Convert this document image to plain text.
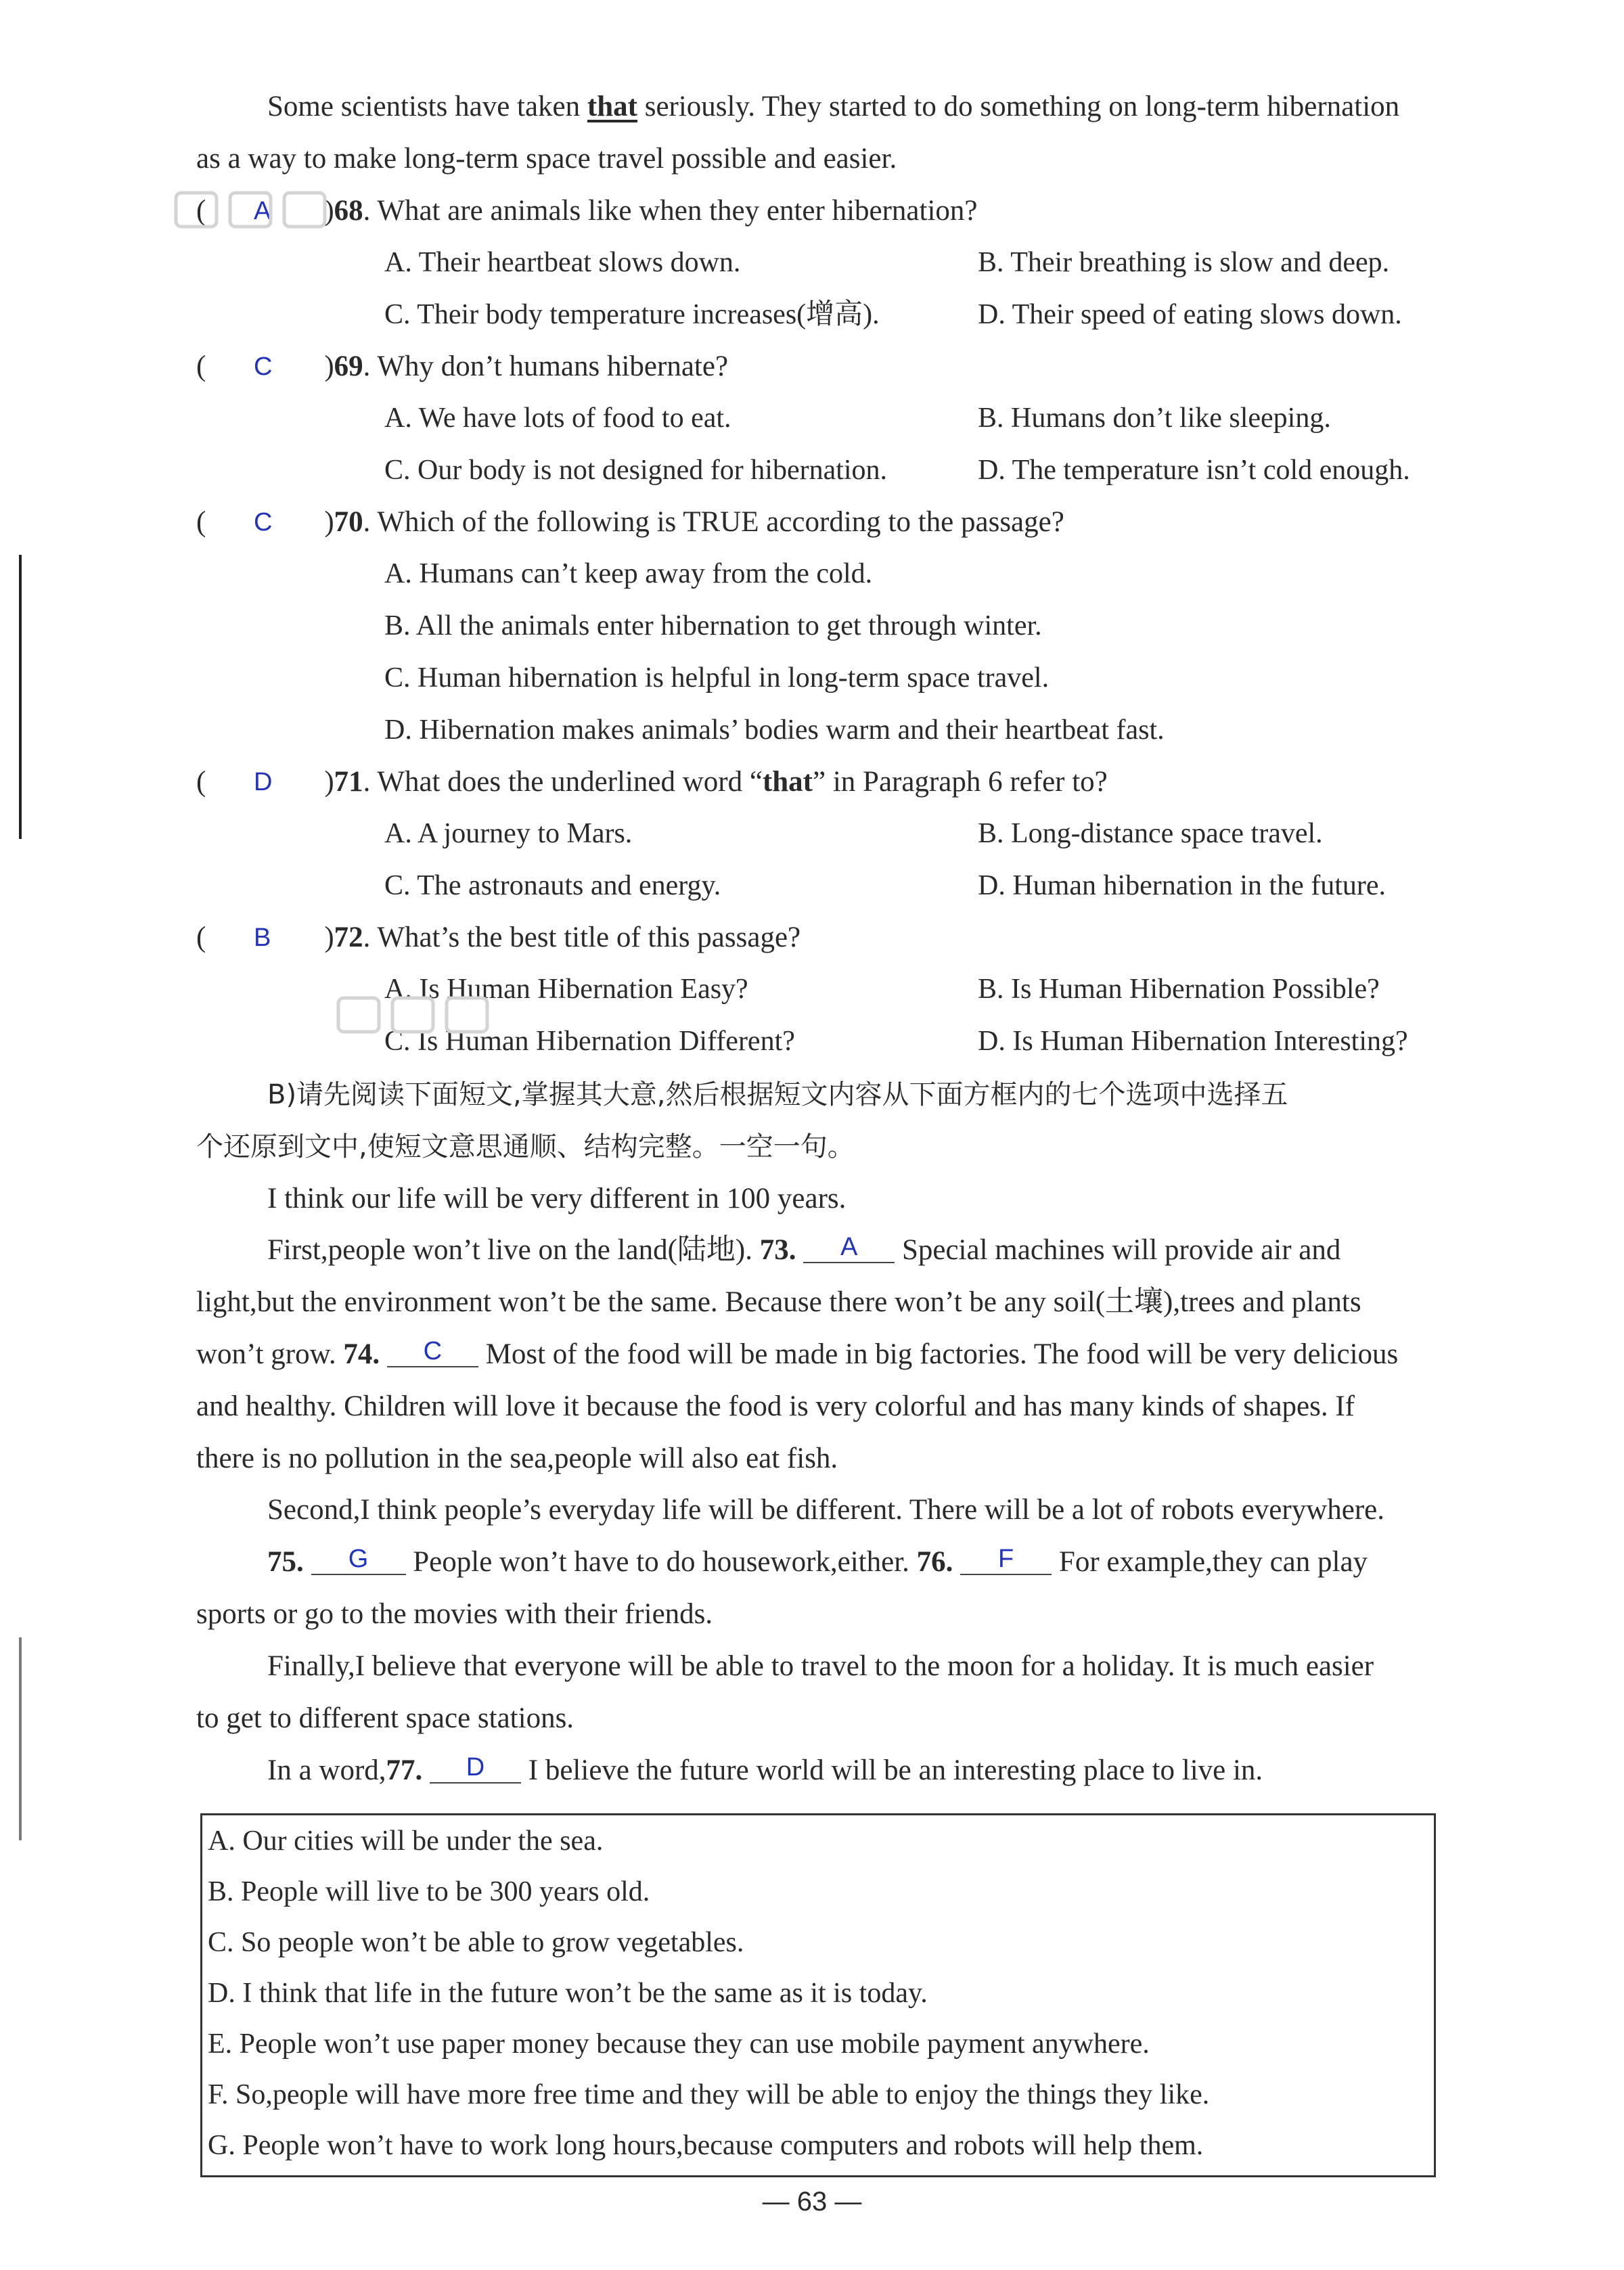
Some scientists have taken that seriously. They started to do something on long-term hibernation
as a way to make long-term space travel possible and easier.
( A )68. What are animals like when they enter hibernation?
A. Their heartbeat slows down.	B. Their breathing is slow and deep.
C. Their body temperature increases(增高).	D. Their speed of eating slows down.
( C )69. Why don’t humans hibernate?
A. We have lots of food to eat.	B. Humans don’t like sleeping.
C. Our body is not designed for hibernation.	D. The temperature isn’t cold enough.
( C )70. Which of the following is TRUE according to the passage?
A. Humans can’t keep away from the cold.
B. All the animals enter hibernation to get through winter.
C. Human hibernation is helpful in long-term space travel.
D. Hibernation makes animals’ bodies warm and their heartbeat fast.
( D )71. What does the underlined word “that” in Paragraph 6 refer to?
A. A journey to Mars.	B. Long-distance space travel.
C. The astronauts and energy.	D. Human hibernation in the future.
( B )72. What’s the best title of this passage?
A. Is Human Hibernation Easy?	B. Is Human Hibernation Possible?
C. Is Human Hibernation Different?	D. Is Human Hibernation Interesting?
B)请先阅读下面短文,掌握其大意,然后根据短文内容从下面方框内的七个选项中选择五
个还原到文中,使短文意思通顺、结构完整。一空一句。
I think our life will be very different in 100 years.
First,people won’t live on the land(陆地). 73. A Special machines will provide air and
light,but the environment won’t be the same. Because there won’t be any soil(土壤),trees and plants
won’t grow. 74. C Most of the food will be made in big factories. The food will be very delicious
and healthy. Children will love it because the food is very colorful and has many kinds of shapes. If
there is no pollution in the sea,people will also eat fish.
Second,I think people’s everyday life will be different. There will be a lot of robots everywhere.
75. G People won’t have to do housework,either. 76. F For example,they can play
sports or go to the movies with their friends.
Finally,I believe that everyone will be able to travel to the moon for a holiday. It is much easier
to get to different space stations.
In a word,77. D I believe the future world will be an interesting place to live in.
A. Our cities will be under the sea.
B. People will live to be 300 years old.
C. So people won’t be able to grow vegetables.
D. I think that life in the future won’t be the same as it is today.
E. People won’t use paper money because they can use mobile payment anywhere.
F. So,people will have more free time and they will be able to enjoy the things they like.
G. People won’t have to work long hours,because computers and robots will help them.
— 63 —
